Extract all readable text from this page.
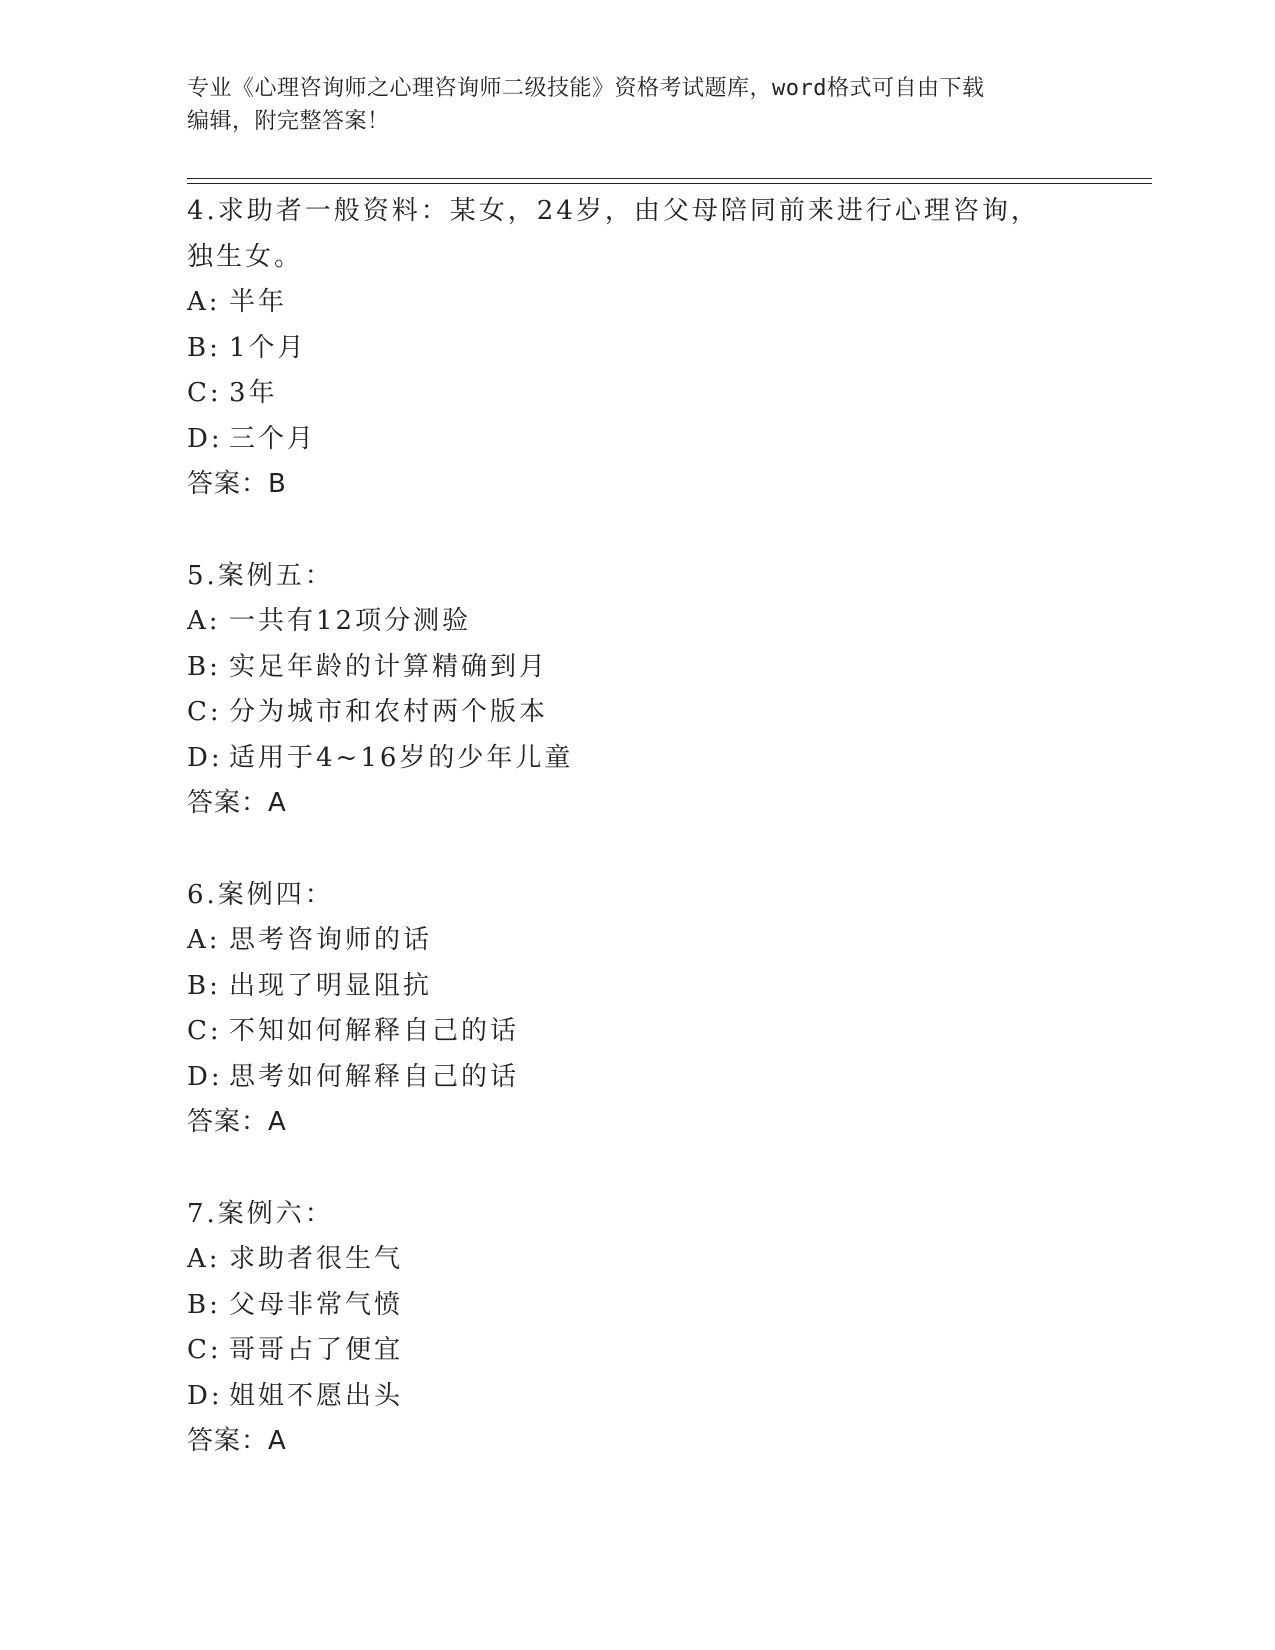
专业《心理咨询师之心理咨询师二级技能》资格考试题库，word格式可自由下载
编辑，附完整答案！

4.求助者一般资料：某女，24岁，由父母陪同前来进行心理咨询，独生女。

A: 半年

B: 1个月

C: 3年

D: 三个月

答案：B

5.案例五：

A: 一共有12项分测验

B: 实足年龄的计算精确到月

C: 分为城市和农村两个版本

D: 适用于4~16岁的少年儿童

答案：A

6.案例四：

A: 思考咨询师的话

B: 出现了明显阻抗

C: 不知如何解释自己的话

D: 思考如何解释自己的话

答案：A

7.案例六：

A: 求助者很生气

B: 父母非常气愤

C: 哥哥占了便宜

D: 姐姐不愿出头

答案：A
